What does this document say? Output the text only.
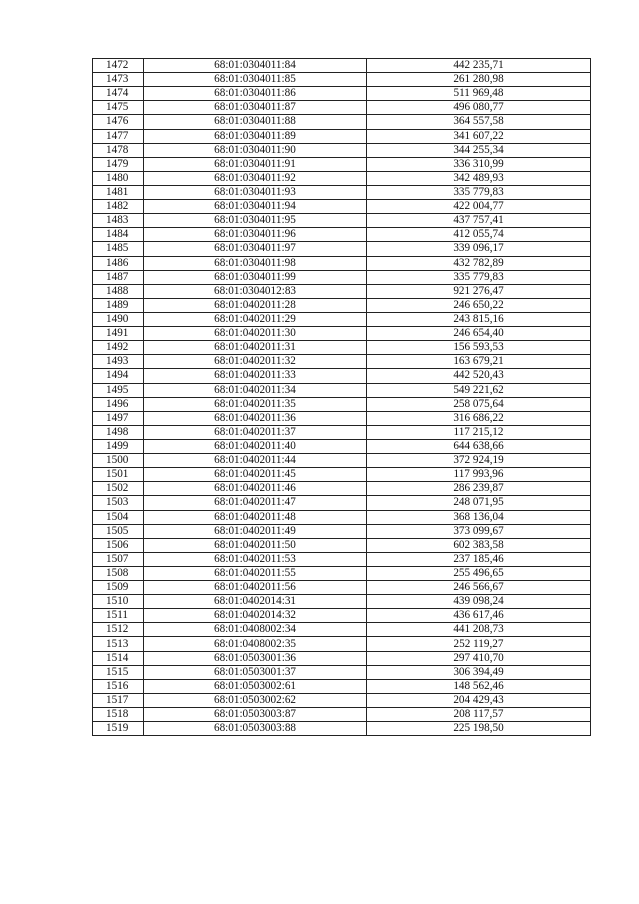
1472	68:01:0304011:84	442 235,71
1473	68:01:0304011:85	261 280,98
1474	68:01:0304011:86	511 969,48
1475	68:01:0304011:87	496 080,77
1476	68:01:0304011:88	364 557,58
1477	68:01:0304011:89	341 607,22
1478	68:01:0304011:90	344 255,34
1479	68:01:0304011:91	336 310,99
1480	68:01:0304011:92	342 489,93
1481	68:01:0304011:93	335 779,83
1482	68:01:0304011:94	422 004,77
1483	68:01:0304011:95	437 757,41
1484	68:01:0304011:96	412 055,74
1485	68:01:0304011:97	339 096,17
1486	68:01:0304011:98	432 782,89
1487	68:01:0304011:99	335 779,83
1488	68:01:0304012:83	921 276,47
1489	68:01:0402011:28	246 650,22
1490	68:01:0402011:29	243 815,16
1491	68:01:0402011:30	246 654,40
1492	68:01:0402011:31	156 593,53
1493	68:01:0402011:32	163 679,21
1494	68:01:0402011:33	442 520,43
1495	68:01:0402011:34	549 221,62
1496	68:01:0402011:35	258 075,64
1497	68:01:0402011:36	316 686,22
1498	68:01:0402011:37	117 215,12
1499	68:01:0402011:40	644 638,66
1500	68:01:0402011:44	372 924,19
1501	68:01:0402011:45	117 993,96
1502	68:01:0402011:46	286 239,87
1503	68:01:0402011:47	248 071,95
1504	68:01:0402011:48	368 136,04
1505	68:01:0402011:49	373 099,67
1506	68:01:0402011:50	602 383,58
1507	68:01:0402011:53	237 185,46
1508	68:01:0402011:55	255 496,65
1509	68:01:0402011:56	246 566,67
1510	68:01:0402014:31	439 098,24
1511	68:01:0402014:32	436 617,46
1512	68:01:0408002:34	441 208,73
1513	68:01:0408002:35	252 119,27
1514	68:01:0503001:36	297 410,70
1515	68:01:0503001:37	306 394,49
1516	68:01:0503002:61	148 562,46
1517	68:01:0503002:62	204 429,43
1518	68:01:0503003:87	208 117,57
1519	68:01:0503003:88	225 198,50
